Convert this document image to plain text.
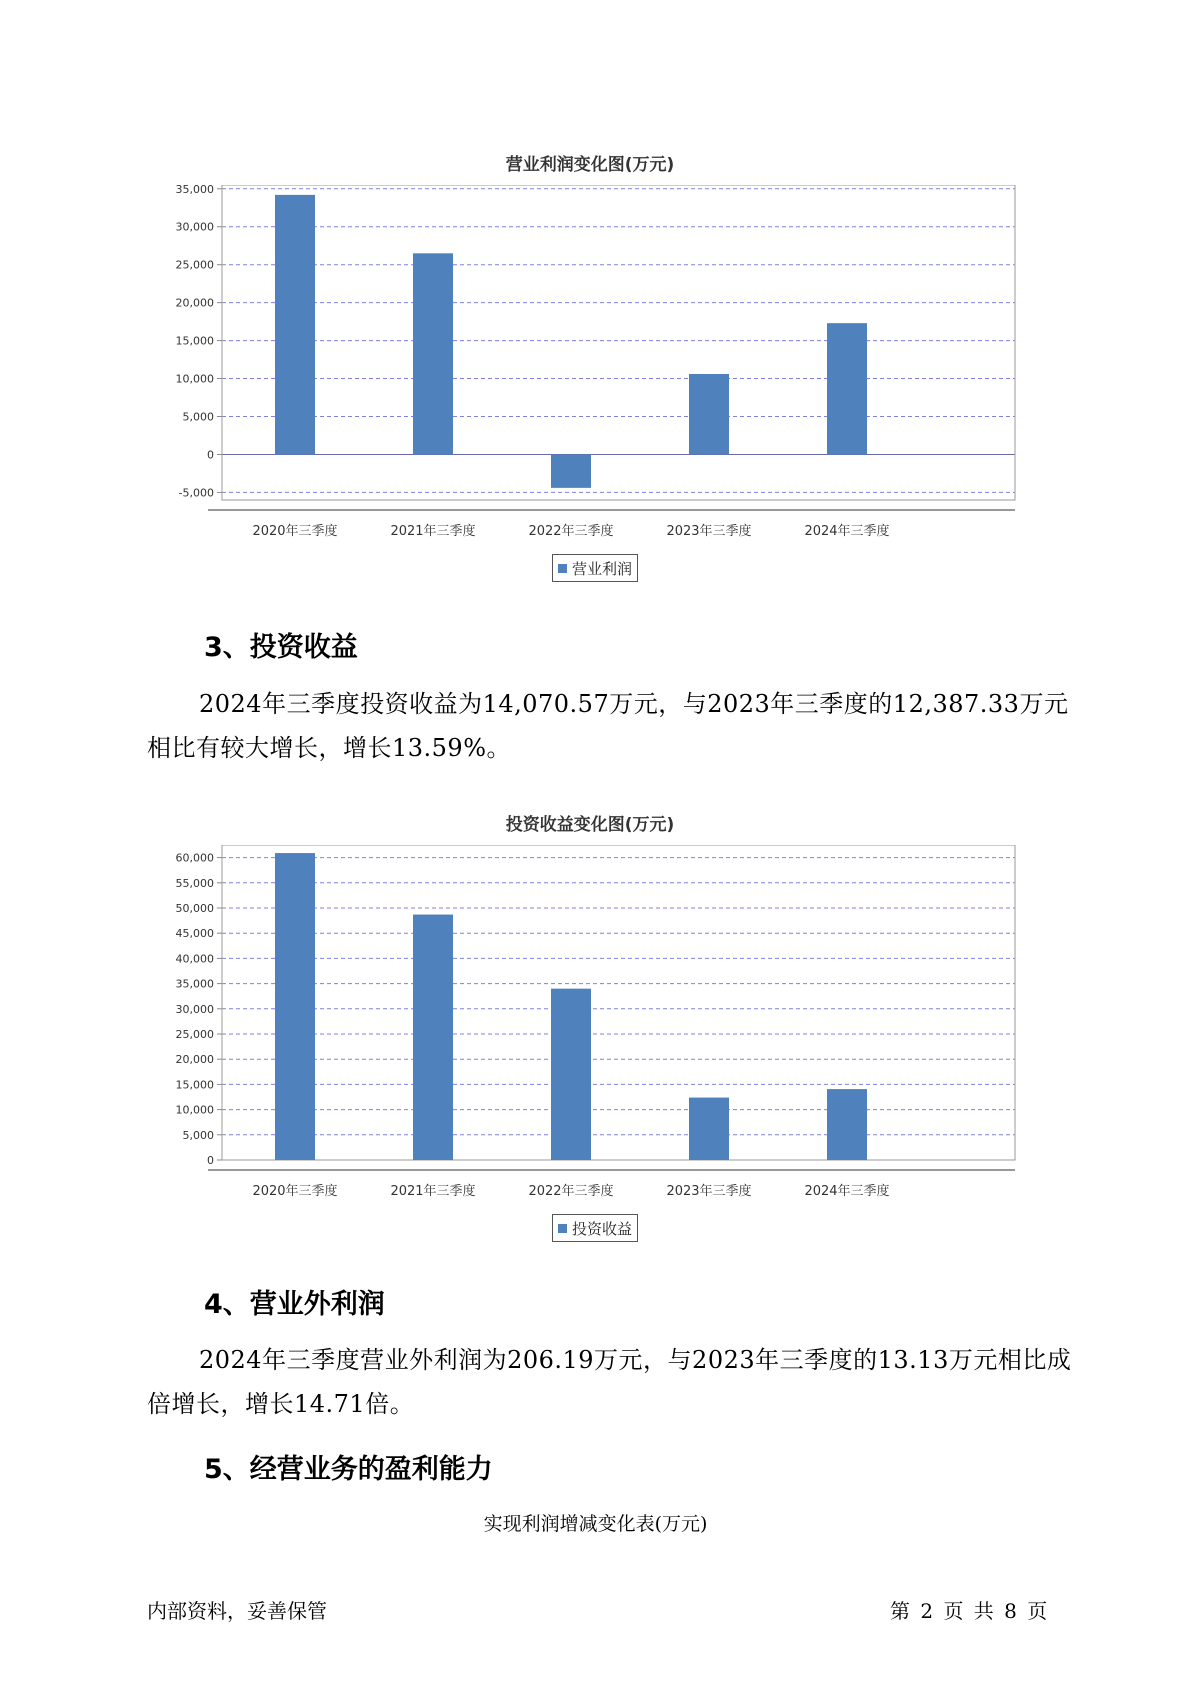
营业利润变化图(万元)
-5,000
0
5,000
10,000
15,000
20,000
25,000
30,000
35,000
2020年三季度	2021年三季度	2022年三季度	2023年三季度	2024年三季度
营业利润
3、投资收益
2024年三季度投资收益为14,070.57万元，与2023年三季度的12,387.33万元相比有较大增长，增长13.59%。
投资收益变化图(万元)
0
5,000
10,000
15,000
20,000
25,000
30,000
35,000
40,000
45,000
50,000
55,000
60,000
2020年三季度	2021年三季度	2022年三季度	2023年三季度	2024年三季度
投资收益
4、营业外利润
2024年三季度营业外利润为206.19万元，与2023年三季度的13.13万元相比成倍增长，增长14.71倍。
5、经营业务的盈利能力
实现利润增减变化表(万元)
内部资料，妥善保管	第 2 页 共 8 页
